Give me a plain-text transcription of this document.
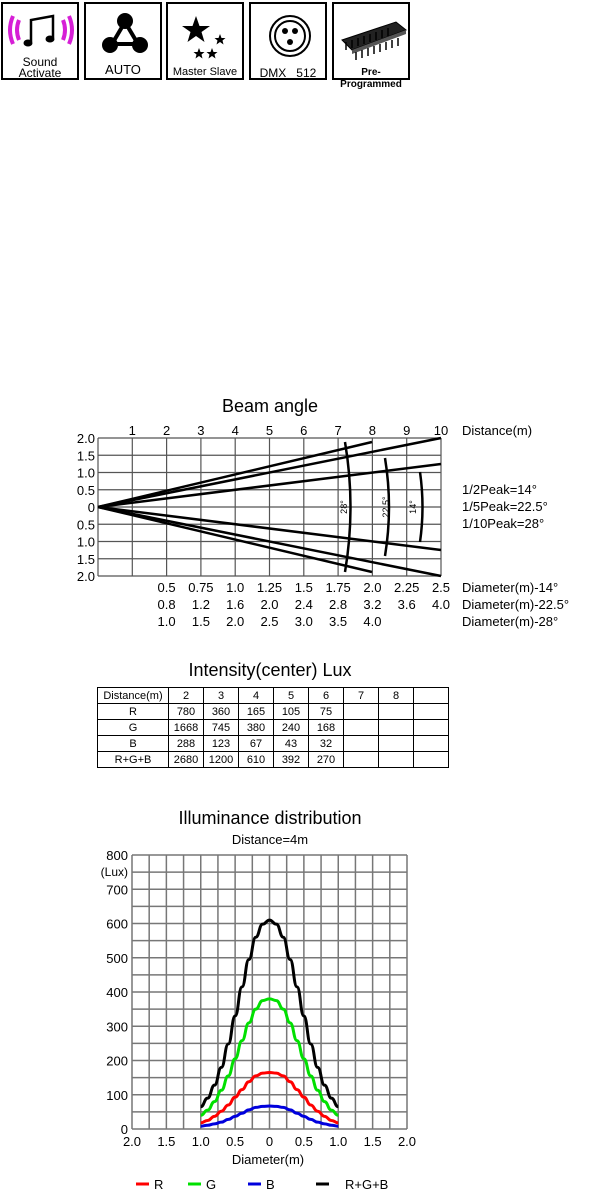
Sound
Activate	AUTO	Master Slave	DMX   512	Pre-Programmed
Beam angle
28°	22.5° 14°
1 2 3 4 5 6 7 8 9 10 Distance(m)
2.0
1.5
1.0
0.5
0
0.5
1.0
1.5
2.0
1/2Peak=14°
1/5Peak=22.5°
1/10Peak=28°
0.5 0.75 1.0 1.25 1.5 1.75 2.0 2.25 2.5 Diameter(m)-14°
0.8 1.2 1.6 2.0 2.4 2.8 3.2 3.6 4.0 Diameter(m)-22.5°
1.0 1.5 2.0 2.5 3.0 3.5 4.0	Diameter(m)-28°
Intensity(center) Lux
Distance(m)	2	3	4	5	6	7	8	
R	780	360	165	105	75			
G	1668	745	380	240	168			
B	288	123	67	43	32			
R+G+B	2680	1200	610	392	270			
Illuminance distribution
Distance=4m
0
100
200
300
400
500
600
700
800
(Lux)
2.0 1.5 1.0 0.5 0 0.5 1.0 1.5 2.0
Diameter(m)
R	G	B	R+G+B
